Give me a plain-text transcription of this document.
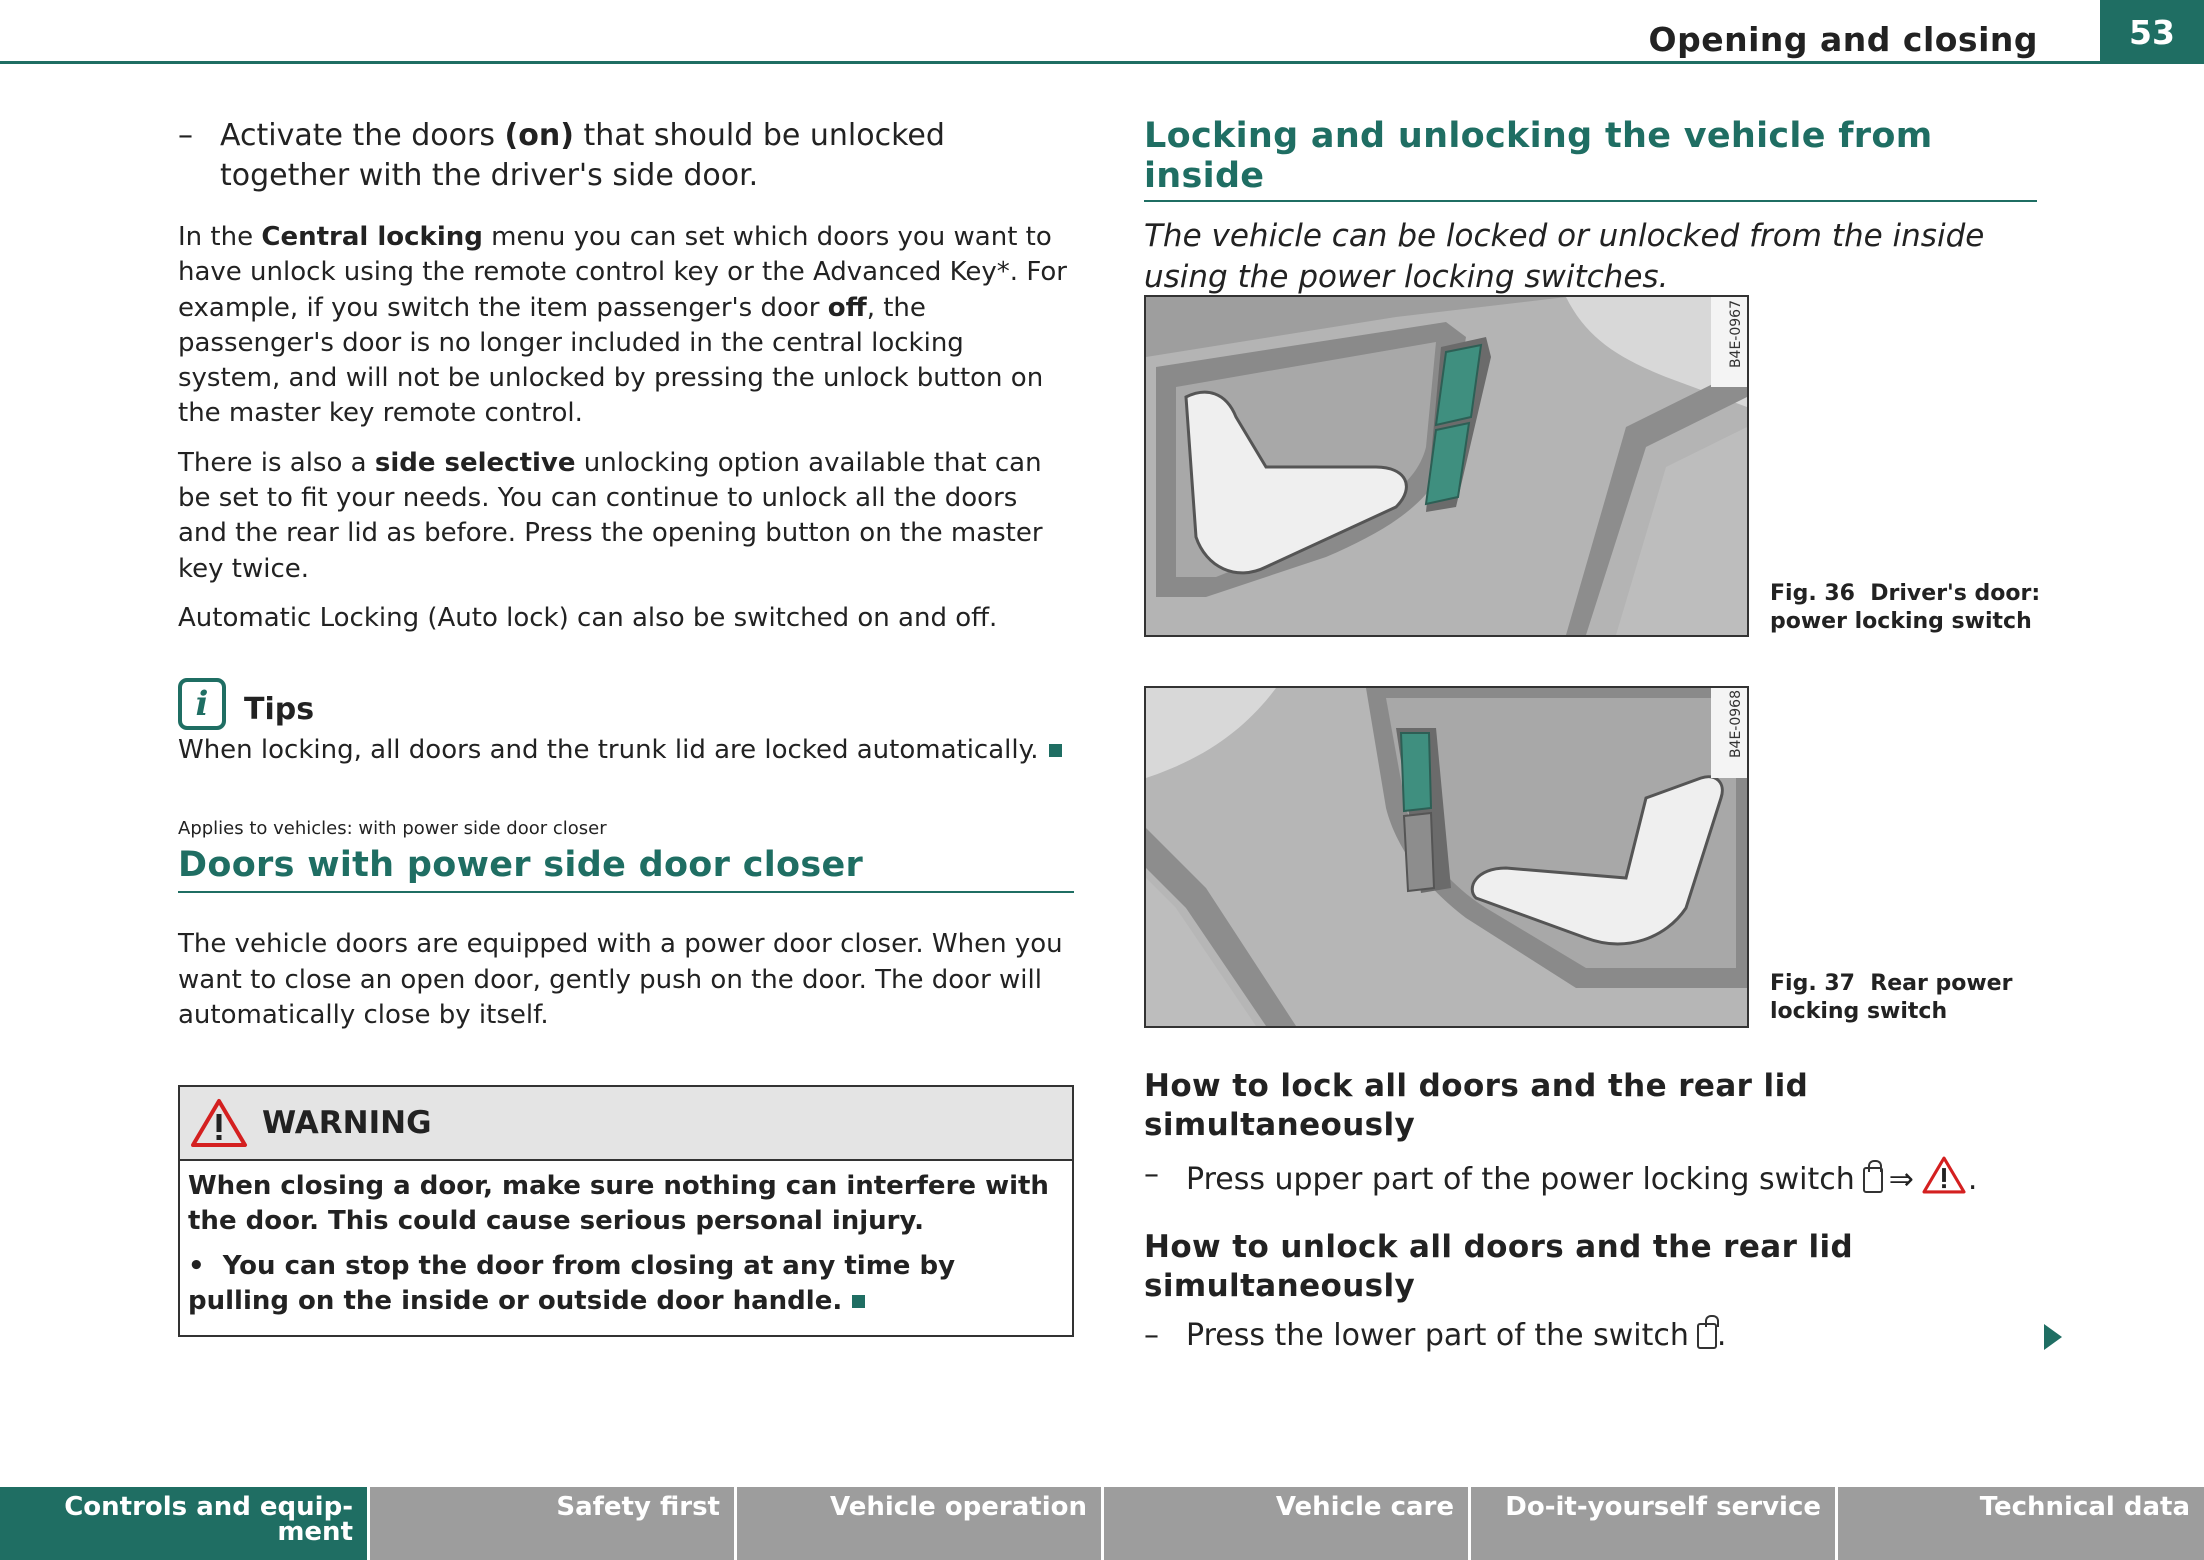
Opening and closing	53
– Activate the doors (on) that should be unlocked together with the driver's side door.

In the Central locking menu you can set which doors you want to have unlock using the remote control key or the Advanced Key*. For example, if you switch the item passenger's door off, the passenger's door is no longer included in the central locking system, and will not be unlocked by pressing the unlock button on the master key remote control.

There is also a side selective unlocking option available that can be set to fit your needs. You can continue to unlock all the doors and the rear lid as before. Press the opening button on the master key twice.

Automatic Locking (Auto lock) can also be switched on and off.

i	Tips
When locking, all doors and the trunk lid are locked automatically.
Applies to vehicles: with power side door closer
Doors with power side door closer
The vehicle doors are equipped with a power door closer. When you want to close an open door, gently push on the door. The door will automatically close by itself.
WARNING

When closing a door, make sure nothing can interfere with the door. This could cause serious personal injury.

•  You can stop the door from closing at any time by pulling on the inside or outside door handle.

Locking and unlocking the vehicle from inside
The vehicle can be locked or unlocked from the inside using the power locking switches.
B4E-0967
Fig. 36 Driver's door: power locking switch
B4E-0968
Fig. 37 Rear power locking switch
How to lock all doors and the rear lid simultaneously
– Press upper part of the power locking switch ⇒ .
How to unlock all doors and the rear lid simultaneously
– Press the lower part of the switch .
Controls and equip-
ment
Safety first	Vehicle operation	Vehicle care	Do-it-yourself service	Technical data
